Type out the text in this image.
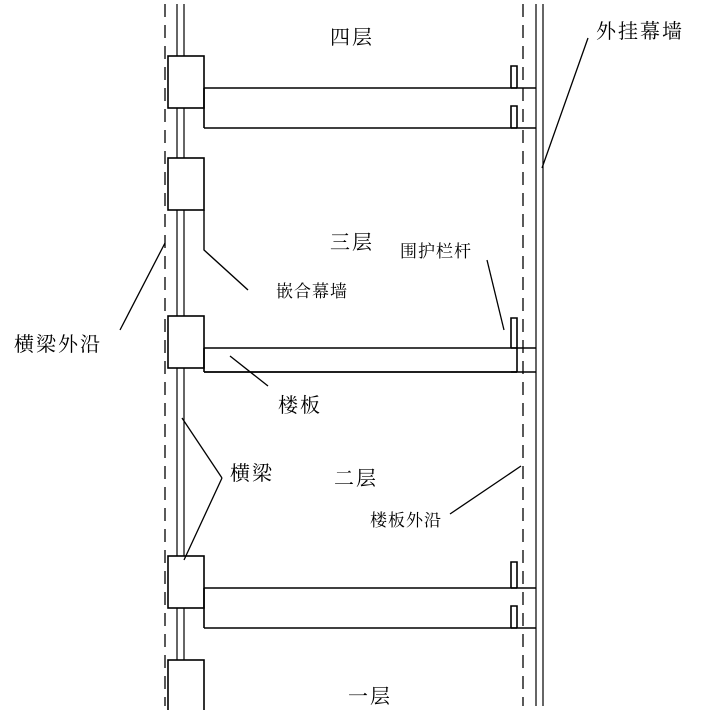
四层
三层
二层
一层
外挂幕墙
围护栏杆
嵌合幕墙
横梁外沿
楼板
横梁
楼板外沿
